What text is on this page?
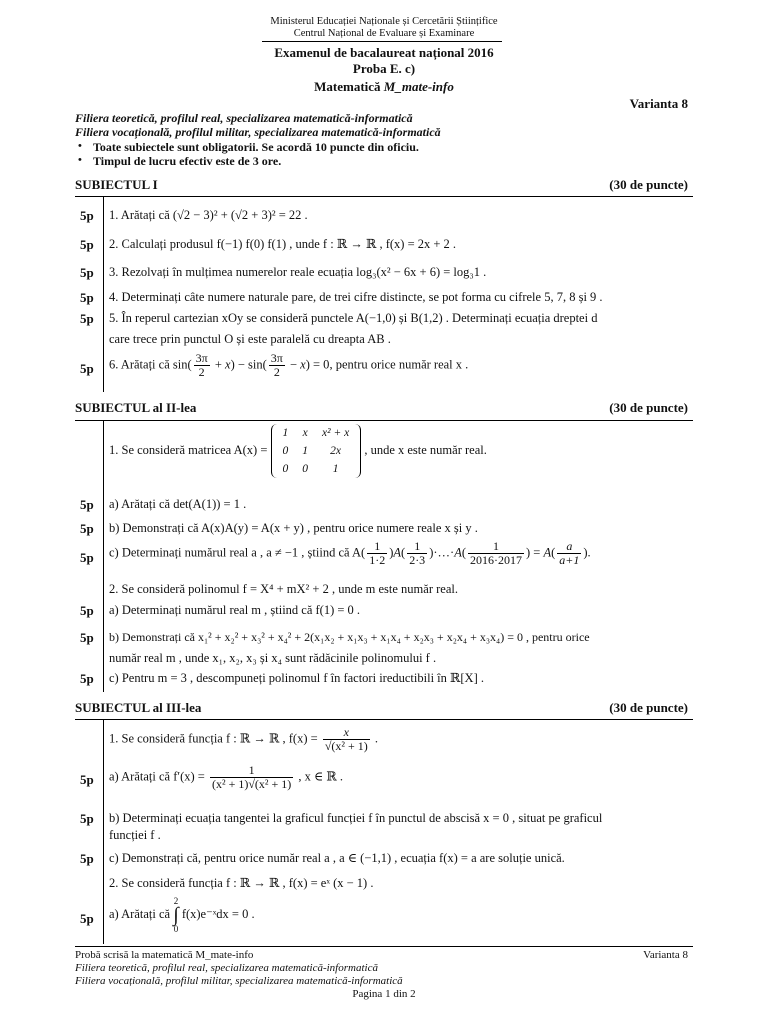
Ministerul Educației Naționale și Cercetării Științifice
Centrul Național de Evaluare și Examinare
Examenul de bacalaureat național 2016
Proba E. c)
Matematică M_mate-info
Varianta 8
Filiera teoretică, profilul real, specializarea matematică-informatică
Filiera vocațională, profilul militar, specializarea matematică-informatică
• Toate subiectele sunt obligatorii. Se acordă 10 puncte din oficiu.
• Timpul de lucru efectiv este de 3 ore.
SUBIECTUL I	(30 de puncte)
5p	1. Arătați că (√2 − 3)² + (√2 + 3)² = 22 .
5p	2. Calculați produsul f(−1) f(0) f(1) , unde f : ℝ → ℝ , f(x) = 2x + 2 .
5p	3. Rezolvați în mulțimea numerelor reale ecuația log₃(x² − 6x + 6) = log₃1 .
5p	4. Determinați câte numere naturale pare, de trei cifre distincte, se pot forma cu cifrele 5, 7, 8 și 9 .
5p	5. În reperul cartezian xOy se consideră punctele A(−1,0) și B(1,2) . Determinați ecuația dreptei d
care trece prin punctul O și este paralelă cu dreapta AB .
5p	6. Arătați că $\sin( \frac{3\pi}{2} + x) - \sin( \frac{3\pi}{2} - x) = 0$, pentru orice număr real x .
SUBIECTUL al II-lea	(30 de puncte)
1. Se consideră matricea A(x) =
1	x	x² + x
0	1	2x
0	0	1
, unde x este număr real.
5p	a) Arătați că det(A(1)) = 1 .
5p	b) Demonstrați că A(x)A(y) = A(x + y) , pentru orice numere reale x și y .
5p	c) Determinați numărul real a , a ≠ −1 , știind că $A( \frac{1}{1\cdot 2} )A( \frac{1}{2\cdot 3}$ )·…·A( $\frac{1}{2016\cdot 2017}$ ) = $A( \frac{a}{a+1}$ ).
2. Se consideră polinomul f = X⁴ + mX² + 2 , unde m este număr real.
5p	a) Determinați numărul real m , știind că f(1) = 0 .
5p	b) Demonstrați că x₁² + x₂² + x₃² + x₄² + 2(x₁x₂ + x₁x₃ + x₁x₄ + x₂x₃ + x₂x₄ + x₃x₄) = 0 , pentru orice
număr real m , unde x₁, x₂, x₃ și x₄ sunt rădăcinile polinomului f .
5p	c) Pentru m = 3 , descompuneți polinomul f în factori ireductibili în ℝ[X] .
SUBIECTUL al III-lea	(30 de puncte)
1. Se consideră funcția f : ℝ → ℝ , $f(x) = \frac{x}{\text{√(x² + 1)}}$ .
5p	a) Arătați că $f'(x) = \frac{1}{\text{(x² + 1)√(x² + 1)}}$ , x ∈ ℝ .
5p	b) Determinați ecuația tangentei la graficul funcției f în punctul de abscisă x = 0 , situat pe graficul
funcției f .
5p	c) Demonstrați că, pentru orice număr real a , a ∈ (−1,1) , ecuația f(x) = a are soluție unică.
2. Se consideră funcția f : ℝ → ℝ , f(x) = eˣ (x − 1) .
5p	a) Arătați că
2
∫
0
f(x)e⁻ˣdx = 0 .
Probă scrisă la matematică M_mate-info	Varianta 8
Filiera teoretică, profilul real, specializarea matematică-informatică
Filiera vocațională, profilul militar, specializarea matematică-informatică
Pagina 1 din 2
